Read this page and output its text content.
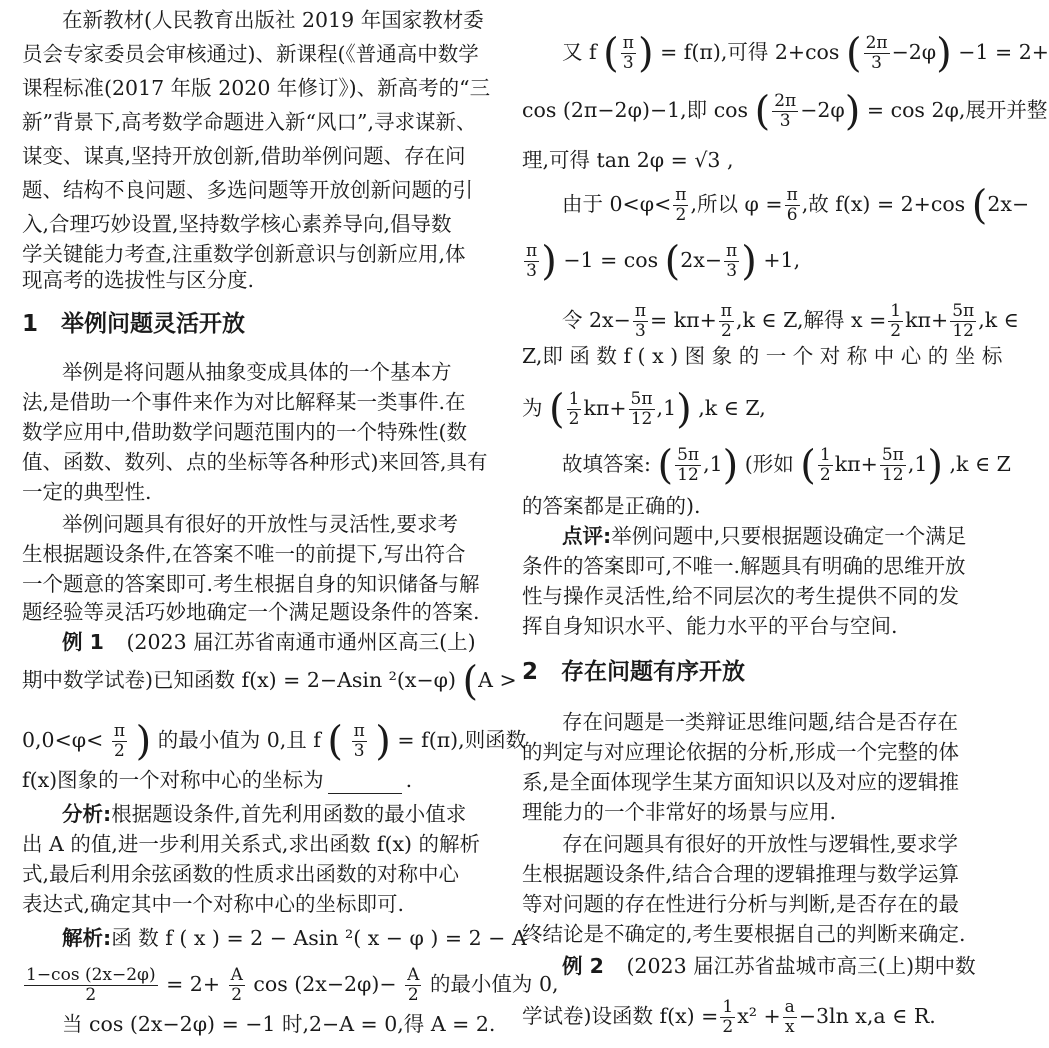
在新教材(人民教育出版社 2019 年国家教材委
员会专家委员会审核通过)、新课程(《普通高中数学
课程标准(2017 年版 2020 年修订》)、新高考的“三
新”背景下,高考数学命题进入新“风口”,寻求谋新、
谋变、谋真,坚持开放创新,借助举例问题、存在问
题、结构不良问题、多选问题等开放创新问题的引
入,合理巧妙设置,坚持数学核心素养导向,倡导数
学关键能力考查,注重数学创新意识与创新应用,体
现高考的选拔性与区分度.
1　举例问题灵活开放
举例是将问题从抽象变成具体的一个基本方
法,是借助一个事件来作为对比解释某一类事件.在
数学应用中,借助数学问题范围内的一个特殊性(数
值、函数、数列、点的坐标等各种形式)来回答,具有
一定的典型性.
举例问题具有很好的开放性与灵活性,要求考
生根据题设条件,在答案不唯一的前提下,写出符合
一个题意的答案即可.考生根据自身的知识储备与解
题经验等灵活巧妙地确定一个满足题设条件的答案.
例 1 (2023 届江苏省南通市通州区高三(上)
期中数学试卷)已知函数 f(x) = 2−Asin ²(x−φ) (A >
$0,0<\varphi< \frac{\pi}{2}$ ) 的最小值为 0,且 f ( $\frac{\pi}{3}$ ) = f(π),则函数
f(x)图象的一个对称中心的坐标为	.
分析:根据题设条件,首先利用函数的最小值求
出 A 的值,进一步利用关系式,求出函数 f(x) 的解析
式,最后利用余弦函数的性质求出函数的对称中心
表达式,确定其中一个对称中心的坐标即可.
解析:函 数 f ( x ) = 2 − Asin ²( x − φ ) = 2 − A ·
$\frac{1-\cos (2x-2\varphi)}{2} = 2+ \frac{A}{2}$ $\cos (2x-2\varphi)- \frac{A}{2}$ 的最小值为 0,
当 cos (2x−2φ) = −1 时,2−A = 0,得 A = 2.
又 f ( $\frac{\pi}{3}$ ) = f(π),可得 2+cos ( $\frac{2\pi}{3} -2\varphi) -1 = 2+$
cos (2π−2φ)−1,即 cos ( $\frac{2\pi}{3} -2\varphi) = \cos 2\varphi$,展开并整
理,可得 tan 2φ = √3 ,
由于 $0<\varphi< \frac{\pi}{2}$ ,所以 $\varphi = \frac{\pi}{6}$ ,故 f(x) = 2+cos (2x−
$\frac{\pi}{3}$ ) $-1 = \cos (2x- \frac{\pi}{3}$ ) +1,
令 $2x- \frac{\pi}{3} = k\pi+ \frac{\pi}{2} ,k$ ∈ Z,解得 $x = \frac{1}{2} k\pi+ \frac{5\pi}{12} ,k$ ∈
Z,即 函 数 f ( x ) 图 象 的 一 个 对 称 中 心 的 坐 标
为 ( $\frac{1}{2} k\pi+ \frac{5\pi}{12} ,1$) ,k ∈ Z,
故填答案: ( $\frac{5\pi}{12} ,1$) (形如 ( $\frac{1}{2} k\pi+ \frac{5\pi}{12} ,1$) ,k ∈ Z
的答案都是正确的).
点评:举例问题中,只要根据题设确定一个满足
条件的答案即可,不唯一.解题具有明确的思维开放
性与操作灵活性,给不同层次的考生提供不同的发
挥自身知识水平、能力水平的平台与空间.
2　存在问题有序开放
存在问题是一类辩证思维问题,结合是否存在
的判定与对应理论依据的分析,形成一个完整的体
系,是全面体现学生某方面知识以及对应的逻辑推
理能力的一个非常好的场景与应用.
存在问题具有很好的开放性与逻辑性,要求学
生根据题设条件,结合合理的逻辑推理与数学运算
等对问题的存在性进行分析与判断,是否存在的最
终结论是不确定的,考生要根据自己的判断来确定.
例 2 (2023 届江苏省盐城市高三(上)期中数
学试卷)设函数 $f(x) = \frac{1}{2} x^2 + \frac{a}{x} -3\ln$ x,a ∈ R.
